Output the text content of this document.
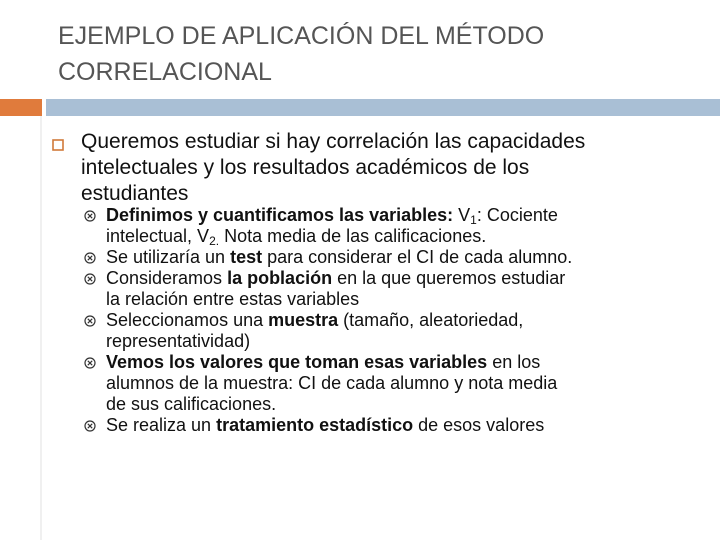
EJEMPLO DE APLICACIÓN DEL MÉTODO
CORRELACIONAL
Queremos estudiar si hay correlación las capacidades
intelectuales y los resultados académicos de los
estudiantes
Definimos y cuantificamos las variables: $V_1$: Cociente
intelectual, $V_{2.}$ Nota media de las calificaciones.
Se utilizaría un test para considerar el CI de cada alumno.
Consideramos la población en la que queremos estudiar
la relación entre estas variables
Seleccionamos una muestra (tamaño, aleatoriedad,
representatividad)
Vemos los valores que toman esas variables en los
alumnos de la muestra: CI de cada alumno y nota media
de sus calificaciones.
Se realiza un tratamiento estadístico de esos valores
